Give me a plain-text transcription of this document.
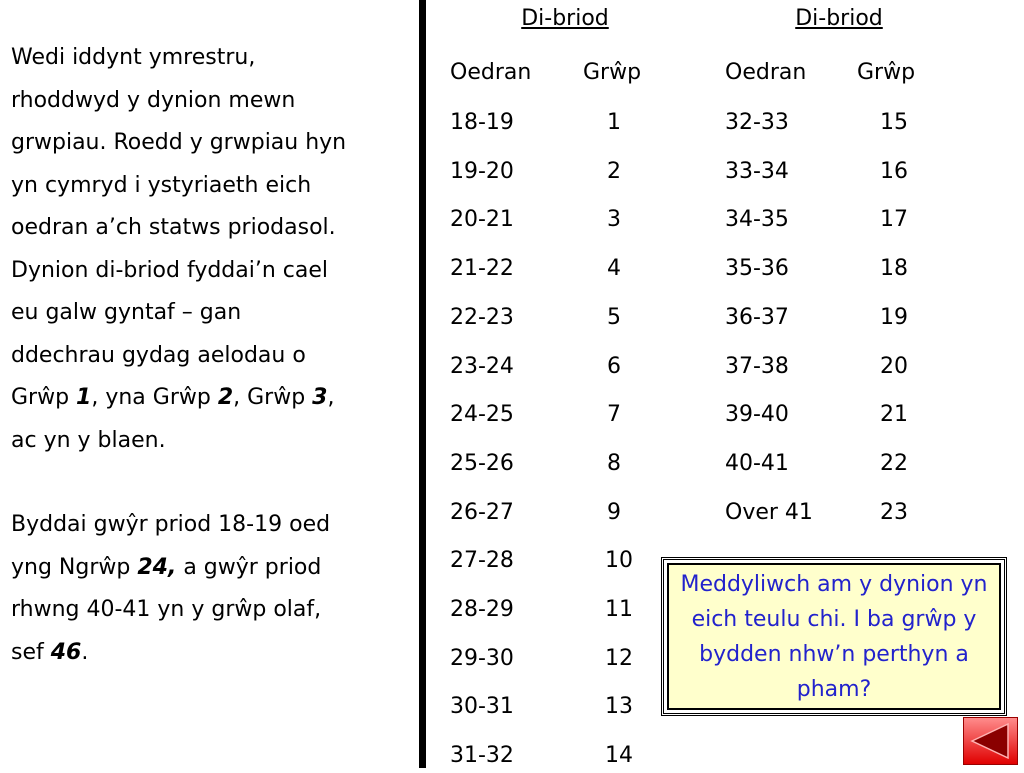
Wedi iddynt ymrestru,
rhoddwyd y dynion mewn
grwpiau. Roedd y grwpiau hyn
yn cymryd i ystyriaeth eich
oedran a’ch statws priodasol.
Dynion di-briod fyddai’n cael
eu galw gyntaf – gan
ddechrau gydag aelodau o
Grŵp 1, yna Grŵp 2, Grŵp 3,
ac yn y blaen.

Byddai gwŷr priod 18-19 oed
yng Ngrŵp 24, a gwŷr priod
rhwng 40-41 yn y grŵp olaf,
sef 46.

Di-briod
Oedran Grŵp
18-19	1
19-20	2
20-21	3
21-22	4
22-23	5
23-24	6
24-25	7
25-26	8
26-27	9
27-28	10
28-29	11
29-30	12
30-31	13
31-32	14
Di-briod
Oedran Grŵp
32-33	15
33-34	16
34-35	17
35-36	18
36-37	19
37-38	20
39-40	21
40-41	22
Over 41	23
Meddyliwch am y dynion yn eich teulu chi. I ba grŵp y bydden nhw’n perthyn a pham?
